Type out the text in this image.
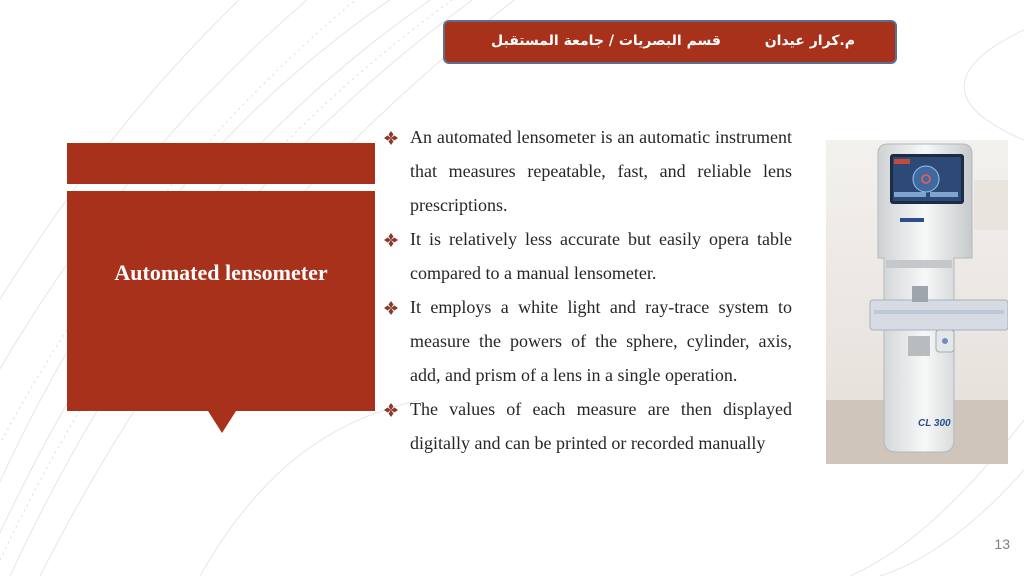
م.كرار عيدان
قسم البصريات / جامعة المستقبل
Automated lensometer
An automated lensometer is an automatic instrument that measures repeatable, fast, and reliable lens prescriptions.
It is relatively less accurate but easily opera table compared to a manual lensometer.
It employs a white light and ray-trace system to measure the powers of the sphere, cylinder, axis, add, and prism of a lens in a single operation.
The values of each measure are then displayed digitally and can be printed or recorded manually
CL 300
13
